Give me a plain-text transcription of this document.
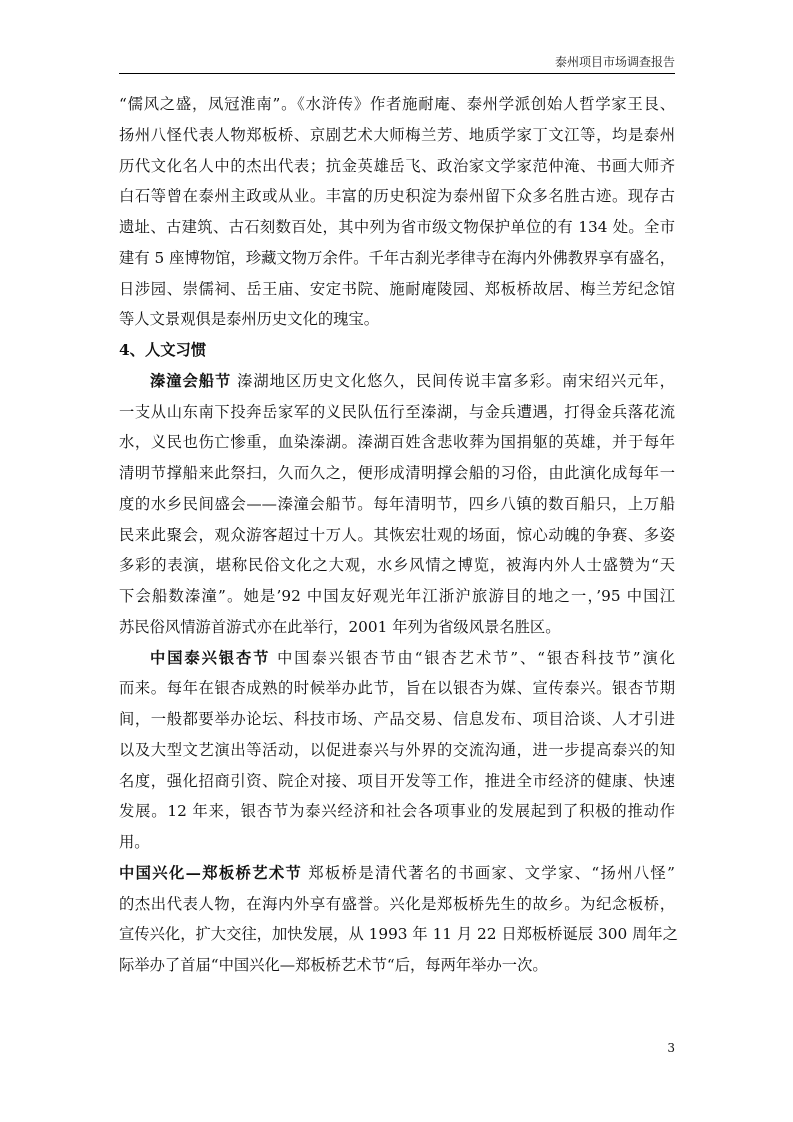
泰州项目市场调查报告
“儒风之盛，凤冠淮南”。《水浒传》作者施耐庵、泰州学派创始人哲学家王艮、
扬州八怪代表人物郑板桥、京剧艺术大师梅兰芳、地质学家丁文江等，均是泰州
历代文化名人中的杰出代表；抗金英雄岳飞、政治家文学家范仲淹、书画大师齐
白石等曾在泰州主政或从业。丰富的历史积淀为泰州留下众多名胜古迹。现存古
遗址、古建筑、古石刻数百处，其中列为省市级文物保护单位的有 134 处。全市
建有 5 座博物馆，珍藏文物万余件。千年古刹光孝律寺在海内外佛教界享有盛名，
日涉园、崇儒祠、岳王庙、安定书院、施耐庵陵园、郑板桥故居、梅兰芳纪念馆
等人文景观俱是泰州历史文化的瑰宝。
4、人文习惯
溱潼会船节 溱湖地区历史文化悠久，民间传说丰富多彩。南宋绍兴元年，
一支从山东南下投奔岳家军的义民队伍行至溱湖，与金兵遭遇，打得金兵落花流
水，义民也伤亡惨重，血染溱湖。溱湖百姓含悲收葬为国捐躯的英雄，并于每年
清明节撑船来此祭扫，久而久之，便形成清明撑会船的习俗，由此演化成每年一
度的水乡民间盛会——溱潼会船节。每年清明节，四乡八镇的数百船只，上万船
民来此聚会，观众游客超过十万人。其恢宏壮观的场面，惊心动魄的争赛、多姿
多彩的表演，堪称民俗文化之大观，水乡风情之博览，被海内外人士盛赞为“天
下会船数溱潼”。她是’92 中国友好观光年江浙沪旅游目的地之一，’95 中国江
苏民俗风情游首游式亦在此举行，2001 年列为省级风景名胜区。
中国泰兴银杏节 中国泰兴银杏节由“银杏艺术节”、“银杏科技节”演化
而来。每年在银杏成熟的时候举办此节，旨在以银杏为媒、宣传泰兴。银杏节期
间，一般都要举办论坛、科技市场、产品交易、信息发布、项目洽谈、人才引进
以及大型文艺演出等活动，以促进泰兴与外界的交流沟通，进一步提高泰兴的知
名度，强化招商引资、院企对接、项目开发等工作，推进全市经济的健康、快速
发展。12 年来，银杏节为泰兴经济和社会各项事业的发展起到了积极的推动作
用。
中国兴化—郑板桥艺术节 郑板桥是清代著名的书画家、文学家、“扬州八怪”
的杰出代表人物，在海内外享有盛誉。兴化是郑板桥先生的故乡。为纪念板桥，
宣传兴化，扩大交往，加快发展，从 1993 年 11 月 22 日郑板桥诞辰 300 周年之
际举办了首届“中国兴化—郑板桥艺术节“后，每两年举办一次。
3
